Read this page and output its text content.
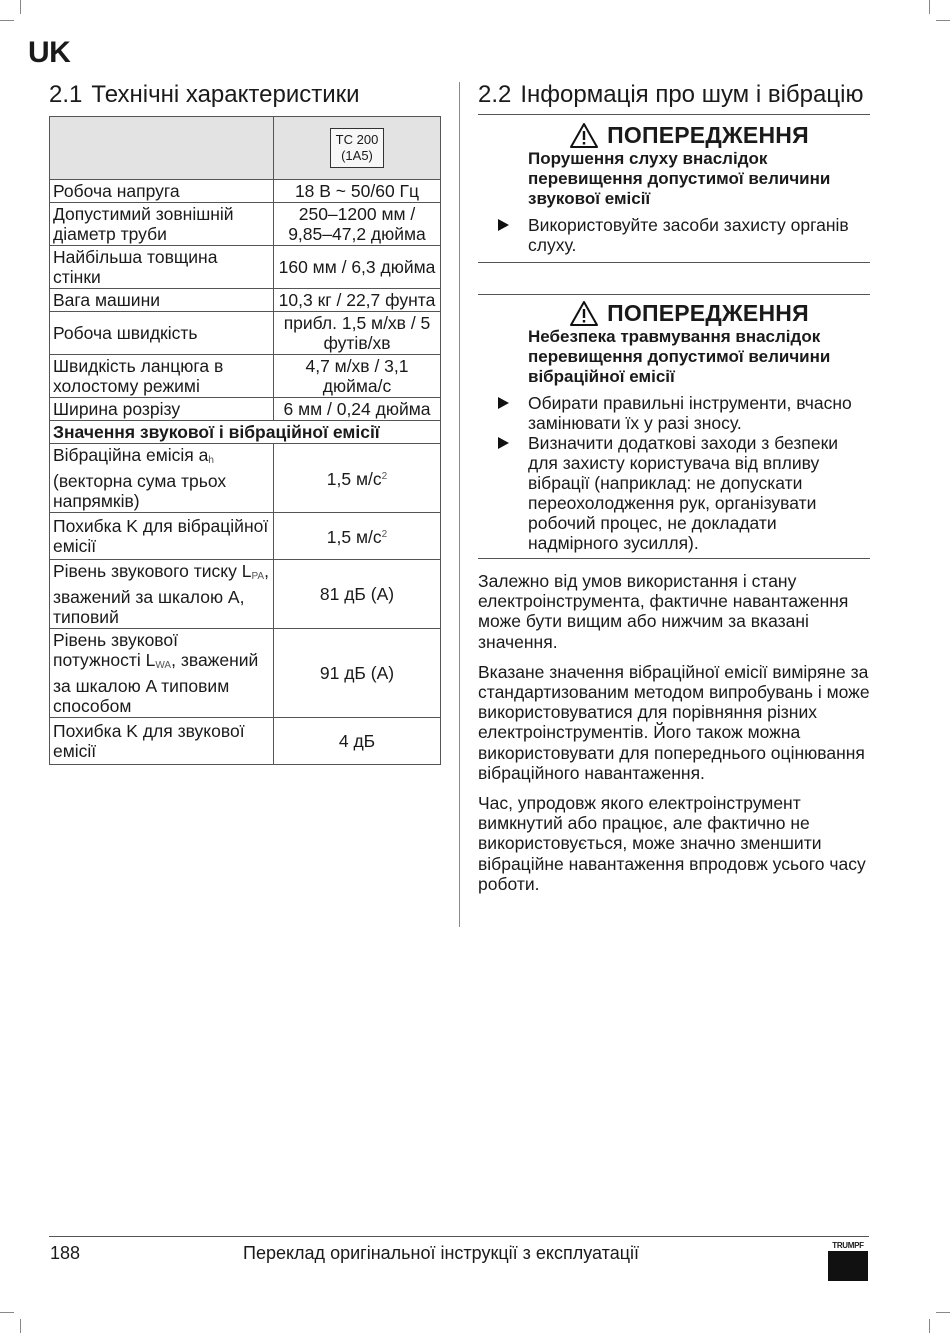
UK
2.1 Технічні характеристики

	TC 200
(1A5)

Робоча напруга	18 В ~ 50/60 Гц
Допустимий зовнішній діаметр труби	250–1200 мм / 9,85–47,2 дюйма
Найбільша товщина стінки	160 мм / 6,3 дюйма
Вага машини	10,3 кг / 22,7 фунта
Робоча швидкість	прибл. 1,5 м/хв / 5 футів/хв
Швидкість ланцюга в холостому режимі	4,7 м/хв / 3,1 дюйма/с
Ширина розрізу	6 мм / 0,24 дюйма
Значення звукової і вібраційної емісії	
Вібраційна емісія $a_h$ (векторна сума трьох напрямків)	1,5 $м/с^2$
Похибка K для вібраційної емісії	1,5 $м/с^2$
Рівень звукового тиску $L_{PA}$, зважений за шкалою A, типовий	81 дБ (A)
Рівень звукової потужності $L_{WA}$, зважений за шкалою A типовим способом	91 дБ (A)
Похибка K для звукової емісії	4 дБ
2.2 Інформація про шум і вібрацію
ПОПЕРЕДЖЕННЯ
Порушення слуху внаслідок перевищення допустимої величини звукової емісії
Використовуйте засоби захисту органів слуху.
ПОПЕРЕДЖЕННЯ
Небезпека травмування внаслідок перевищення допустимої величини вібраційної емісії
Обирати правильні інструменти, вчасно замінювати їх у разі зносу.
Визначити додаткові заходи з безпеки для захисту користувача від впливу вібрації (наприклад: не допускати переохолодження рук, організувати робочий процес, не докладати надмірного зусилля).

Залежно від умов використання і стану електроінструмента, фактичне навантаження може бути вищим або нижчим за вказані значення.

Вказане значення вібраційної емісії виміряне за стандартизованим методом випробувань і може використовуватися для порівняння різних електроінструментів. Його також можна використовувати для попереднього оцінювання вібраційного навантаження.

Час, упродовж якого електроінструмент вимкнутий або працює, але фактично не використовується, може значно зменшити вібраційне навантаження впродовж усього часу роботи.

188	Переклад оригінальної інструкції з експлуатації	TRUMPF
